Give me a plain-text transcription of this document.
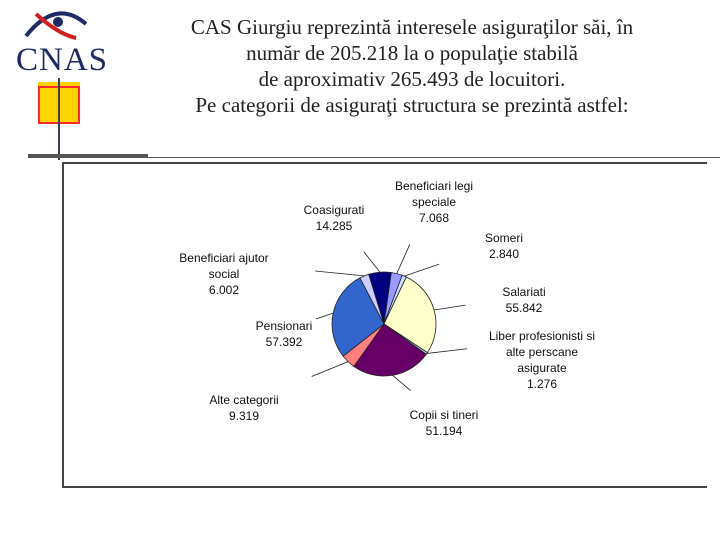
CNAS
CAS Giurgiu reprezintă interesele asiguraţilor săi, în
număr de 205.218 la o populaţie stabilă
de aproximativ 265.493 de locuitori.
Pe categorii de asiguraţi structura se prezintă astfel:
Beneficiari legi speciale 7.068
Someri 2.840
Salariati 55.842
Liber profesionisti si alte perscane asigurate 1.276
Copii si tineri 51.194
Alte categorii 9.319
Pensionari 57.392
Beneficiari ajutor social 6.002
Coasigurati 14.285
